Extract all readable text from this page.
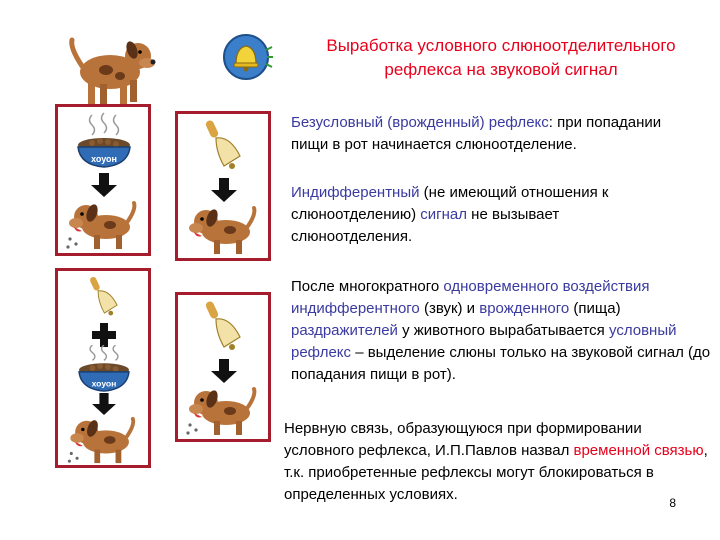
Выработка условного слюноотделительного рефлекса на звуковой сигнал
хоуон
хоуон
Безусловный (врожденный) рефлекс: при попадании пищи в рот начинается слюноотделение.
Индифферентный (не имеющий отношения к слюноотделению) сигнал не вызывает слюноотделения.
После многократного одновременного воздействия индифферентного (звук) и врожденного (пища) раздражителей у животного вырабатывается условный рефлекс – выделение слюны только на звуковой сигнал (до попадания пищи в рот).
Нервную связь, образующуюся при формировании условного рефлекса, И.П.Павлов назвал временной связью, т.к. приобретенные рефлексы могут блокироваться в определенных условиях.	8
